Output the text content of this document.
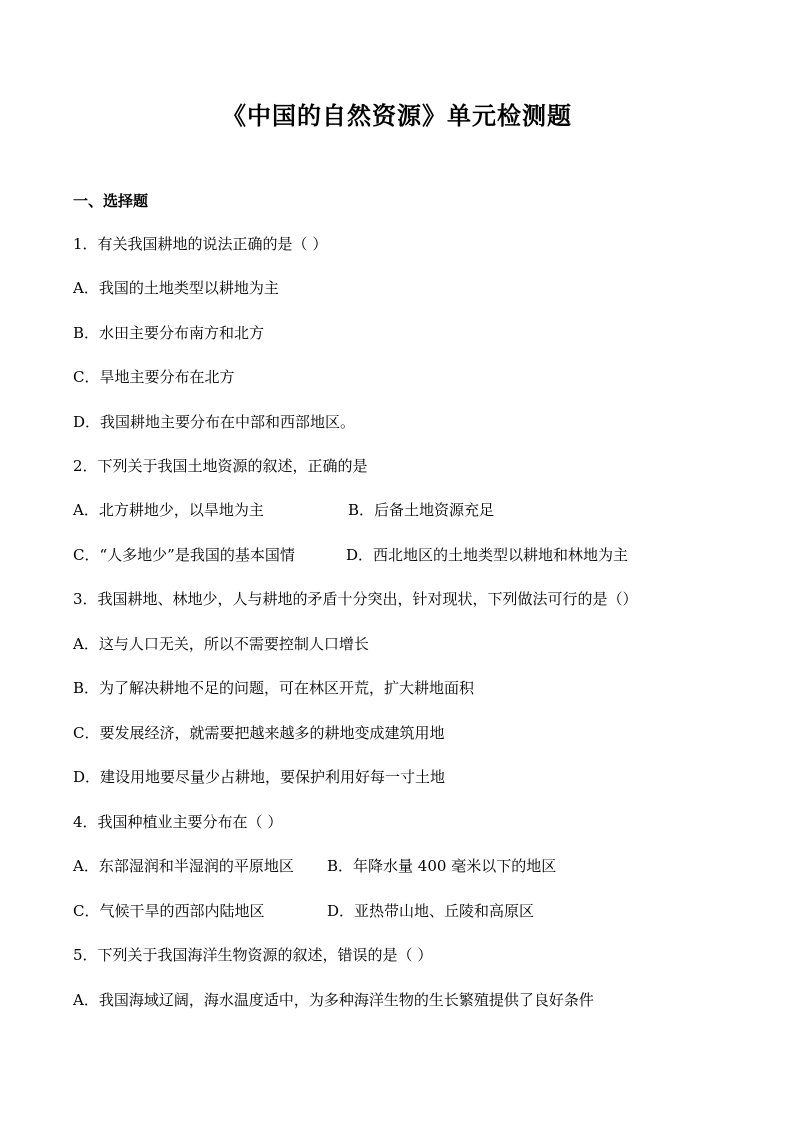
《中国的自然资源》单元检测题
一、选择题
1．有关我国耕地的说法正确的是（ ）
A．我国的土地类型以耕地为主
B．水田主要分布南方和北方
C．旱地主要分布在北方
D．我国耕地主要分布在中部和西部地区。
2．下列关于我国土地资源的叙述，正确的是
A．北方耕地少，以旱地为主	B．后备土地资源充足
C．“人多地少”是我国的基本国情	D．西北地区的土地类型以耕地和林地为主
3．我国耕地、林地少，人与耕地的矛盾十分突出，针对现状，下列做法可行的是（）
A．这与人口无关，所以不需要控制人口增长
B．为了解决耕地不足的问题，可在林区开荒，扩大耕地面积
C．要发展经济，就需要把越来越多的耕地变成建筑用地
D．建设用地要尽量少占耕地，要保护利用好每一寸土地
4．我国种植业主要分布在（ ）
A．东部湿润和半湿润的平原地区 B．年降水量 400 毫米以下的地区
C．气候干旱的西部内陆地区	D．亚热带山地、丘陵和高原区
5．下列关于我国海洋生物资源的叙述，错误的是（ ）
A．我国海域辽阔，海水温度适中，为多种海洋生物的生长繁殖提供了良好条件
